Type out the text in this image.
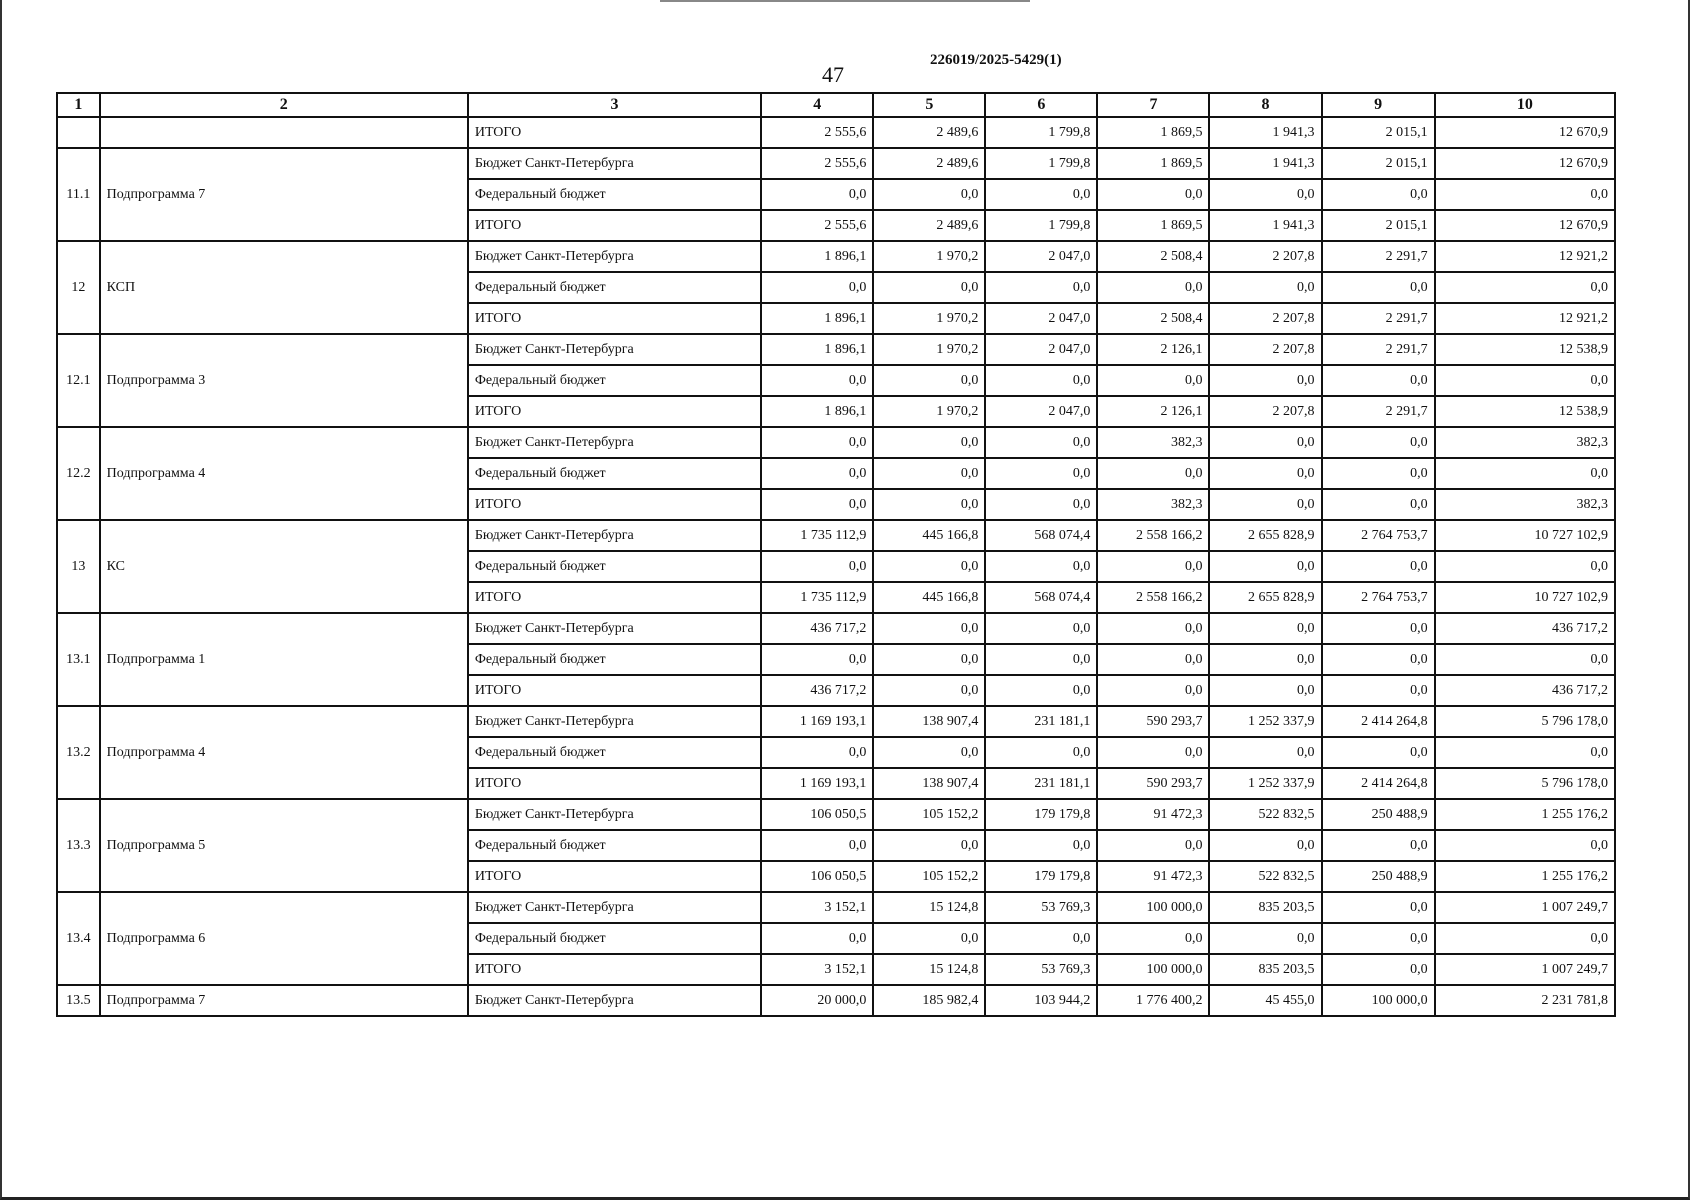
47
226019/2025-5429(1)
1	2	3	4	5	6	7	8	9	10
		ИТОГО	2 555,6	2 489,6	1 799,8	1 869,5	1 941,3	2 015,1	12 670,9
11.1	Подпрограмма 7	Бюджет Санкт-Петербурга	2 555,6	2 489,6	1 799,8	1 869,5	1 941,3	2 015,1	12 670,9
		Федеральный бюджет	0,0	0,0	0,0	0,0	0,0	0,0	0,0
		ИТОГО	2 555,6	2 489,6	1 799,8	1 869,5	1 941,3	2 015,1	12 670,9
12	КСП	Бюджет Санкт-Петербурга	1 896,1	1 970,2	2 047,0	2 508,4	2 207,8	2 291,7	12 921,2
		Федеральный бюджет	0,0	0,0	0,0	0,0	0,0	0,0	0,0
		ИТОГО	1 896,1	1 970,2	2 047,0	2 508,4	2 207,8	2 291,7	12 921,2
12.1	Подпрограмма 3	Бюджет Санкт-Петербурга	1 896,1	1 970,2	2 047,0	2 126,1	2 207,8	2 291,7	12 538,9
		Федеральный бюджет	0,0	0,0	0,0	0,0	0,0	0,0	0,0
		ИТОГО	1 896,1	1 970,2	2 047,0	2 126,1	2 207,8	2 291,7	12 538,9
12.2	Подпрограмма 4	Бюджет Санкт-Петербурга	0,0	0,0	0,0	382,3	0,0	0,0	382,3
		Федеральный бюджет	0,0	0,0	0,0	0,0	0,0	0,0	0,0
		ИТОГО	0,0	0,0	0,0	382,3	0,0	0,0	382,3
13	КС	Бюджет Санкт-Петербурга	1 735 112,9	445 166,8	568 074,4	2 558 166,2	2 655 828,9	2 764 753,7	10 727 102,9
		Федеральный бюджет	0,0	0,0	0,0	0,0	0,0	0,0	0,0
		ИТОГО	1 735 112,9	445 166,8	568 074,4	2 558 166,2	2 655 828,9	2 764 753,7	10 727 102,9
13.1	Подпрограмма 1	Бюджет Санкт-Петербурга	436 717,2	0,0	0,0	0,0	0,0	0,0	436 717,2
		Федеральный бюджет	0,0	0,0	0,0	0,0	0,0	0,0	0,0
		ИТОГО	436 717,2	0,0	0,0	0,0	0,0	0,0	436 717,2
13.2	Подпрограмма 4	Бюджет Санкт-Петербурга	1 169 193,1	138 907,4	231 181,1	590 293,7	1 252 337,9	2 414 264,8	5 796 178,0
		Федеральный бюджет	0,0	0,0	0,0	0,0	0,0	0,0	0,0
		ИТОГО	1 169 193,1	138 907,4	231 181,1	590 293,7	1 252 337,9	2 414 264,8	5 796 178,0
13.3	Подпрограмма 5	Бюджет Санкт-Петербурга	106 050,5	105 152,2	179 179,8	91 472,3	522 832,5	250 488,9	1 255 176,2
		Федеральный бюджет	0,0	0,0	0,0	0,0	0,0	0,0	0,0
		ИТОГО	106 050,5	105 152,2	179 179,8	91 472,3	522 832,5	250 488,9	1 255 176,2
13.4	Подпрограмма 6	Бюджет Санкт-Петербурга	3 152,1	15 124,8	53 769,3	100 000,0	835 203,5	0,0	1 007 249,7
		Федеральный бюджет	0,0	0,0	0,0	0,0	0,0	0,0	0,0
		ИТОГО	3 152,1	15 124,8	53 769,3	100 000,0	835 203,5	0,0	1 007 249,7
13.5	Подпрограмма 7	Бюджет Санкт-Петербурга	20 000,0	185 982,4	103 944,2	1 776 400,2	45 455,0	100 000,0	2 231 781,8
